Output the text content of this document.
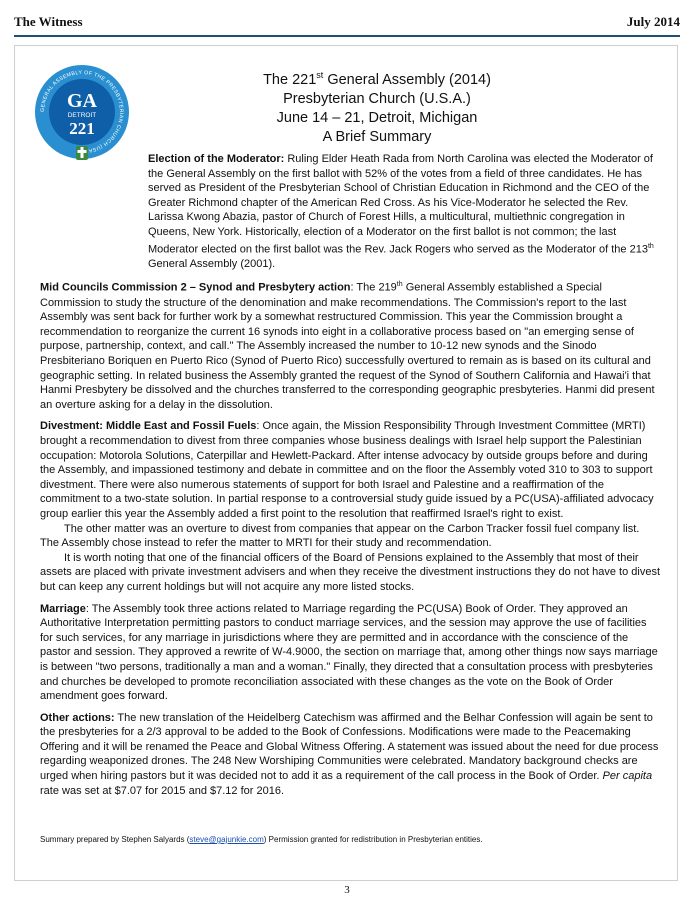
The Witness	July 2014
GENERAL ASSEMBLY OF THE PRESBYTERIAN CHURCH (USA
GA
DETROIT
221
The 221st General Assembly (2014)
Presbyterian Church (U.S.A.)
June 14 – 21, Detroit, Michigan
A Brief Summary

Election of the Moderator: Ruling Elder Heath Rada from North Carolina was elected the Moderator of the General Assembly on the first ballot with 52% of the votes from a field of three candidates. He has served as President of the Presbyterian School of Christian Education in Richmond and the CEO of the Greater Richmond chapter of the American Red Cross. As his Vice-Moderator he selected the Rev. Larissa Kwong Abazia, pastor of Church of Forest Hills, a multicultural, multiethnic congregation in Queens, New York. Historically, election of a Moderator on the first ballot is not common; the last Moderator elected on the first ballot was the Rev. Jack Rogers who served as the Moderator of the 213th General Assembly (2001).

Mid Councils Commission 2 – Synod and Presbytery action: The 219th General Assembly established a Special Commission to study the structure of the denomination and make recommendations. The Commission's report to the last Assembly was sent back for further work by a somewhat restructured Commission. This year the Commission brought a recommendation to reorganize the current 16 synods into eight in a collaborative process based on "an emerging sense of purpose, partnership, context, and call." The Assembly increased the number to 10-12 new synods and the Sinodo Presbiteriano Boriquen en Puerto Rico (Synod of Puerto Rico) successfully overtured to remain as is based on its cultural and geographic setting. In related business the Assembly granted the request of the Synod of Southern California and Hawai'i that Hanmi Presbytery be dissolved and the churches transferred to the corresponding geographic presbyteries. Hanmi did present an overture asking for a delay in the dissolution.

Divestment: Middle East and Fossil Fuels: Once again, the Mission Responsibility Through Investment Committee (MRTI) brought a recommendation to divest from three companies whose business dealings with Israel help support the Palestinian occupation: Motorola Solutions, Caterpillar and Hewlett-Packard. After intense advocacy by outside groups before and during the Assembly, and impassioned testimony and debate in committee and on the floor the Assembly voted 310 to 303 to support divestment. There were also numerous statements of support for both Israel and Palestine and a reaffirmation of the commitment to a two-state solution. In partial response to a controversial study guide issued by a PC(USA)-affiliated advocacy group earlier this year the Assembly added a first point to the resolution that reaffirmed Israel's right to exist.

The other matter was an overture to divest from companies that appear on the Carbon Tracker fossil fuel company list. The Assembly chose instead to refer the matter to MRTI for their study and recommendation.

It is worth noting that one of the financial officers of the Board of Pensions explained to the Assembly that most of their assets are placed with private investment advisers and when they receive the divestment instructions they do not have to divest but can keep any current holdings but will not acquire any more listed stocks.

Marriage: The Assembly took three actions related to Marriage regarding the PC(USA) Book of Order. They approved an Authoritative Interpretation permitting pastors to conduct marriage services, and the session may approve the use of facilities for such services, for any marriage in jurisdictions where they are permitted and in accordance with the conscience of the pastor and session. They approved a rewrite of W-4.9000, the section on marriage that, among other things now says marriage is between "two persons, traditionally a man and a woman." Finally, they directed that a consultation process with presbyteries and churches be developed to promote reconciliation associated with these changes as the vote on the Book of Order amendment goes forward.

Other actions: The new translation of the Heidelberg Catechism was affirmed and the Belhar Confession will again be sent to the presbyteries for a 2/3 approval to be added to the Book of Confessions. Modifications were made to the Peacemaking Offering and it will be renamed the Peace and Global Witness Offering. A statement was issued about the need for due process regarding weaponized drones. The 248 New Worshiping Communities were celebrated. Mandatory background checks are urged when hiring pastors but it was decided not to add it as a requirement of the call process in the Book of Order. Per capita rate was set at $7.07 for 2015 and $7.12 for 2016.

Summary prepared by Stephen Salyards (steve@gajunkie.com) Permission granted for redistribution in Presbyterian entities.
3
